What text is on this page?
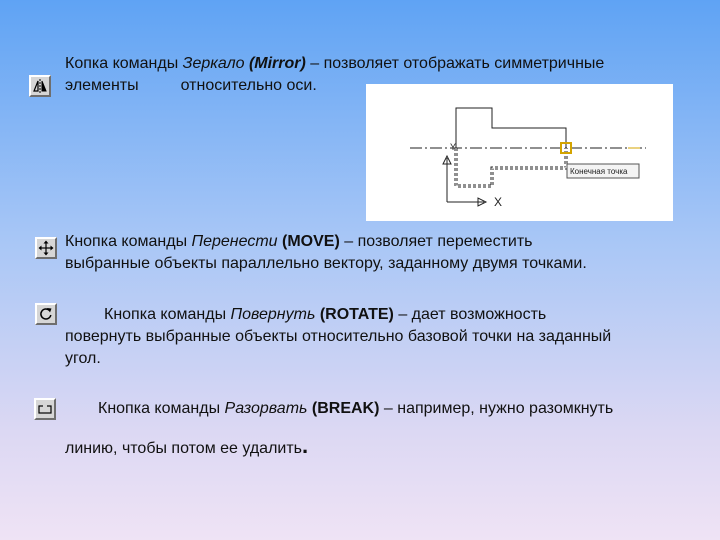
Копка команды Зеркало (Mirror) – позволяет отображать симметричные
элементы	относительно оси.
Y
X
Конечная точка
Кнопка команды Перенести (MOVE) – позволяет переместить
выбранные объекты параллельно вектору, заданному двумя точками.
Кнопка команды Повернуть (ROTATE) – дает возможность
повернуть выбранные объекты относительно базовой точки на заданный
угол.
Кнопка команды Разорвать (BREAK) – например, нужно разомкнуть
линию, чтобы потом ее удалить.
